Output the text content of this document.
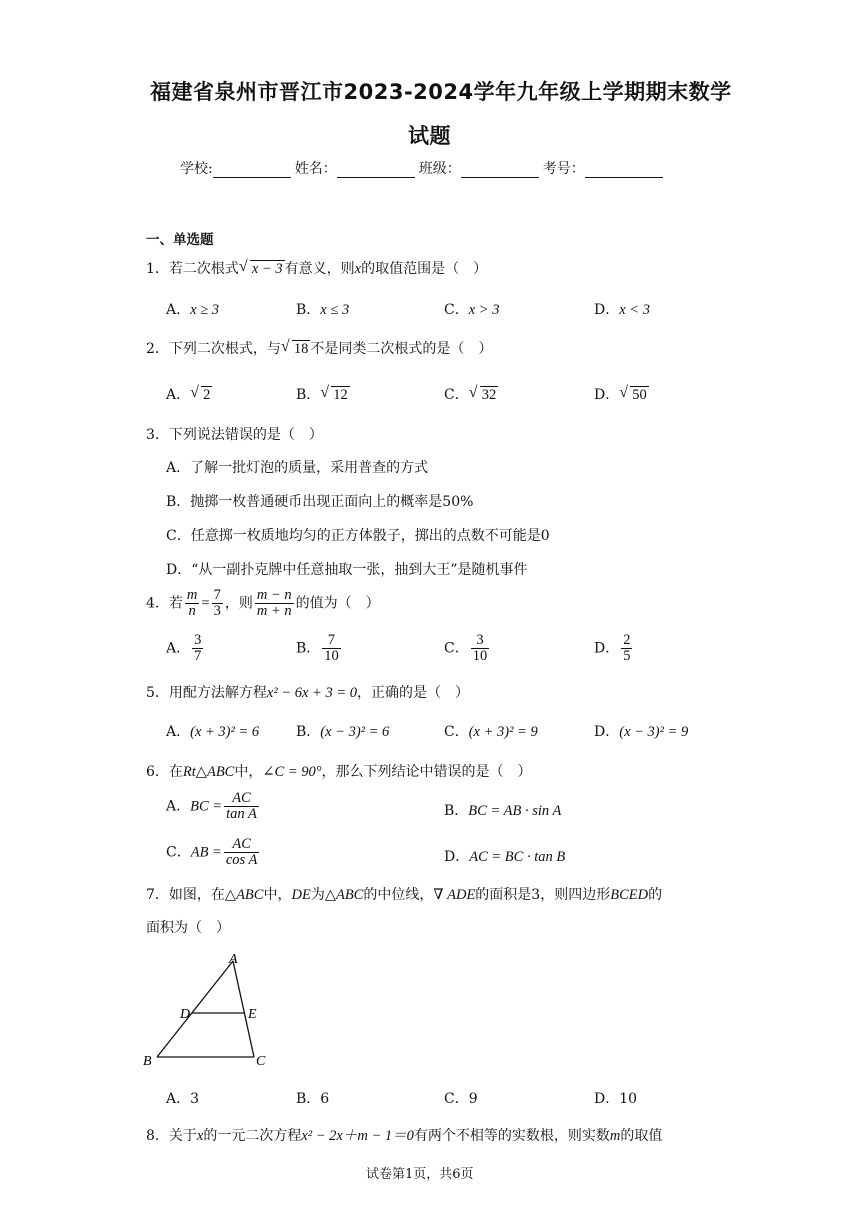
福建省泉州市晋江市2023-2024学年九年级上学期期末数学
试题
学校:	姓名：	班级：	考号：
一、单选题
1．若二次根式 √ x − 3 有意义，则x的取值范围是（　）
A．x ≥ 3	B．x ≤ 3	C．x > 3	D．x < 3
2．下列二次根式，与 √ 18 不是同类二次根式的是（　）
A． √ 2	B． √ 12	C． √ 32	D． √ 50
3．下列说法错误的是（　）
A．了解一批灯泡的质量，采用普查的方式
B．抛掷一枚普通硬币出现正面向上的概率是50%
C．任意掷一枚质地均匀的正方体骰子，掷出的点数不可能是0
D．“从一副扑克牌中任意抽取一张，抽到大王”是随机事件
4．若 $\frac{m}{n} = \frac{7}{3}$ ，则 $\frac{m - n}{m + n}$ 的值为（　）
A． $\frac{3}{7}$	B． $\frac{7}{10}$	C． $\frac{3}{10}$	D． $\frac{2}{5}$
5．用配方法解方程x² − 6x + 3 = 0，正确的是（　）
A．(x + 3)² = 6	B．(x − 3)² = 6	C．(x + 3)² = 9	D．(x − 3)² = 9
6．在Rt△ABC中，∠C = 90°，那么下列结论中错误的是（　）
A．BC = $\frac{AC}{\text{tan A}}$	B．BC = AB · sin A
C．AB = $\frac{AC}{\text{cos A}}$	D．AC = BC · tan B
7．如图，在△ABC中，DE为△ABC的中位线，∇ ADE的面积是3，则四边形BCED的
面积为（　）
A
D	E
B	C
A．3	B．6	C．9	D．10
8．关于x的一元二次方程x² − 2x＋m − 1＝0有两个不相等的实数根，则实数m的取值
试卷第1页，共6页
